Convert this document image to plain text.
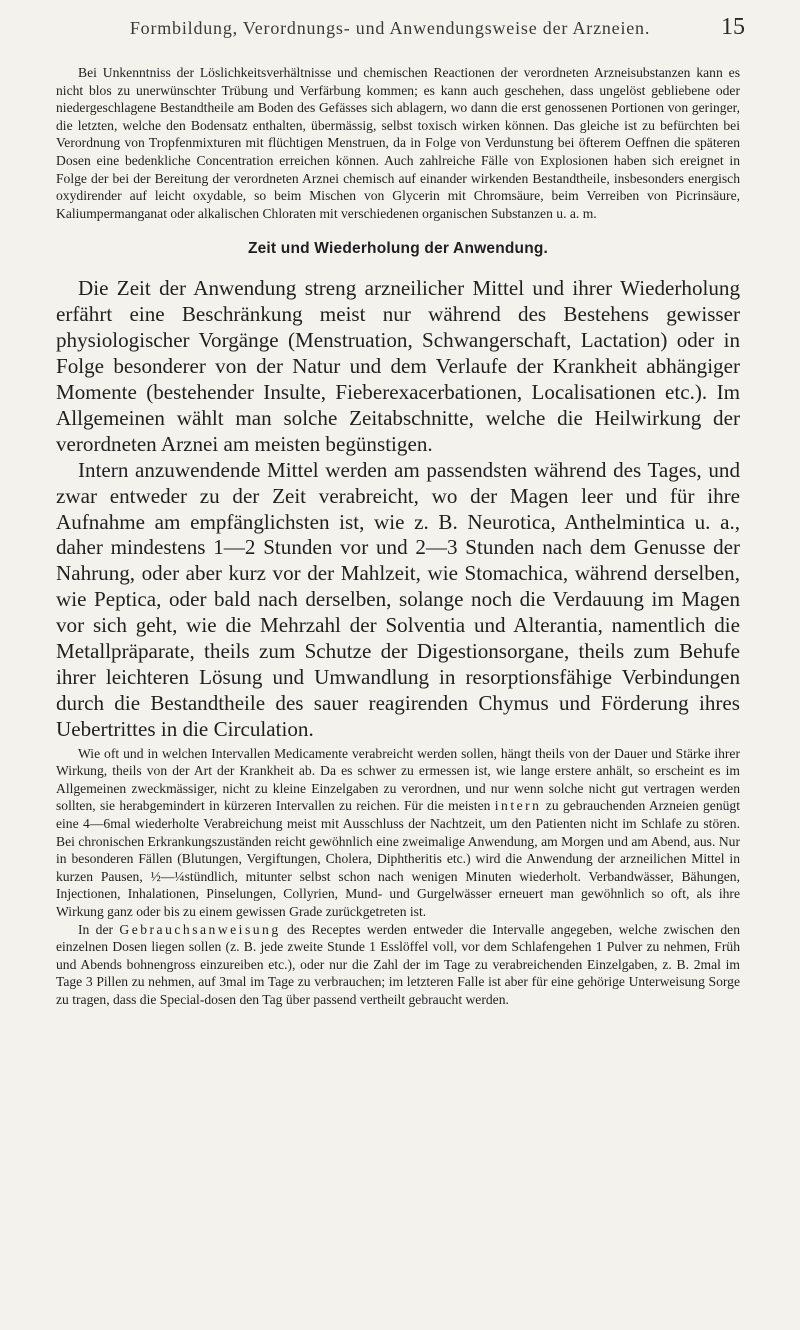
Formbildung, Verordnungs- und Anwendungsweise der Arzneien.	15

Bei Unkenntniss der Löslichkeitsverhältnisse und chemischen Reactionen der verordneten Arzneisubstanzen kann es nicht blos zu unerwünschter Trübung und Verfärbung kommen; es kann auch geschehen, dass ungelöst gebliebene oder niedergeschlagene Bestandtheile am Boden des Gefässes sich ablagern, wo dann die erst genossenen Portionen von geringer, die letzten, welche den Bodensatz enthalten, übermässig, selbst toxisch wirken können. Das gleiche ist zu befürchten bei Verordnung von Tropfenmixturen mit flüchtigen Menstruen, da in Folge von Verdunstung bei öfterem Oeffnen die späteren Dosen eine bedenkliche Concentration erreichen können. Auch zahlreiche Fälle von Explosionen haben sich ereignet in Folge der bei der Bereitung der verordneten Arznei chemisch auf einander wirkenden Bestandtheile, insbesonders energisch oxydirender auf leicht oxydable, so beim Mischen von Glycerin mit Chromsäure, beim Verreiben von Picrinsäure, Kaliumpermanganat oder alkalischen Chloraten mit verschiedenen organischen Substanzen u. a. m.

Zeit und Wiederholung der Anwendung.

Die Zeit der Anwendung streng arzneilicher Mittel und ihrer Wiederholung erfährt eine Beschränkung meist nur während des Bestehens gewisser physiologischer Vorgänge (Menstruation, Schwangerschaft, Lactation) oder in Folge besonderer von der Natur und dem Verlaufe der Krankheit abhängiger Momente (bestehender Insulte, Fieberexacerbationen, Localisationen etc.). Im Allgemeinen wählt man solche Zeitabschnitte, welche die Heilwirkung der verordneten Arznei am meisten begünstigen.

Intern anzuwendende Mittel werden am passendsten während des Tages, und zwar entweder zu der Zeit verabreicht, wo der Magen leer und für ihre Aufnahme am empfänglichsten ist, wie z. B. Neurotica, Anthelmintica u. a., daher mindestens 1—2 Stunden vor und 2—3 Stunden nach dem Genusse der Nahrung, oder aber kurz vor der Mahlzeit, wie Stomachica, während derselben, wie Peptica, oder bald nach derselben, solange noch die Verdauung im Magen vor sich geht, wie die Mehrzahl der Solventia und Alterantia, namentlich die Metallpräparate, theils zum Schutze der Digestionsorgane, theils zum Behufe ihrer leichteren Lösung und Umwandlung in resorptionsfähige Verbindungen durch die Bestandtheile des sauer reagirenden Chymus und Förderung ihres Uebertrittes in die Circulation.

Wie oft und in welchen Intervallen Medicamente verabreicht werden sollen, hängt theils von der Dauer und Stärke ihrer Wirkung, theils von der Art der Krankheit ab. Da es schwer zu ermessen ist, wie lange erstere anhält, so erscheint es im Allgemeinen zweckmässiger, nicht zu kleine Einzelgaben zu verordnen, und nur wenn solche nicht gut vertragen werden sollten, sie herabgemindert in kürzeren Intervallen zu reichen. Für die meisten intern zu gebrauchenden Arzneien genügt eine 4—6mal wiederholte Verabreichung meist mit Ausschluss der Nachtzeit, um den Patienten nicht im Schlafe zu stören. Bei chronischen Erkrankungszuständen reicht gewöhnlich eine zweimalige Anwendung, am Morgen und am Abend, aus. Nur in besonderen Fällen (Blutungen, Vergiftungen, Cholera, Diphtheritis etc.) wird die Anwendung der arzneilichen Mittel in kurzen Pausen, ½—¼stündlich, mitunter selbst schon nach wenigen Minuten wiederholt. Verbandwässer, Bähungen, Injectionen, Inhalationen, Pinselungen, Collyrien, Mund- und Gurgelwässer erneuert man gewöhnlich so oft, als ihre Wirkung ganz oder bis zu einem gewissen Grade zurückgetreten ist.

In der Gebrauchsanweisung des Receptes werden entweder die Intervalle angegeben, welche zwischen den einzelnen Dosen liegen sollen (z. B. jede zweite Stunde 1 Esslöffel voll, vor dem Schlafengehen 1 Pulver zu nehmen, Früh und Abends bohnengross einzureiben etc.), oder nur die Zahl der im Tage zu verabreichenden Einzelgaben, z. B. 2mal im Tage 3 Pillen zu nehmen, auf 3mal im Tage zu verbrauchen; im letzteren Falle ist aber für eine gehörige Unterweisung Sorge zu tragen, dass die Special-dosen den Tag über passend vertheilt gebraucht werden.
